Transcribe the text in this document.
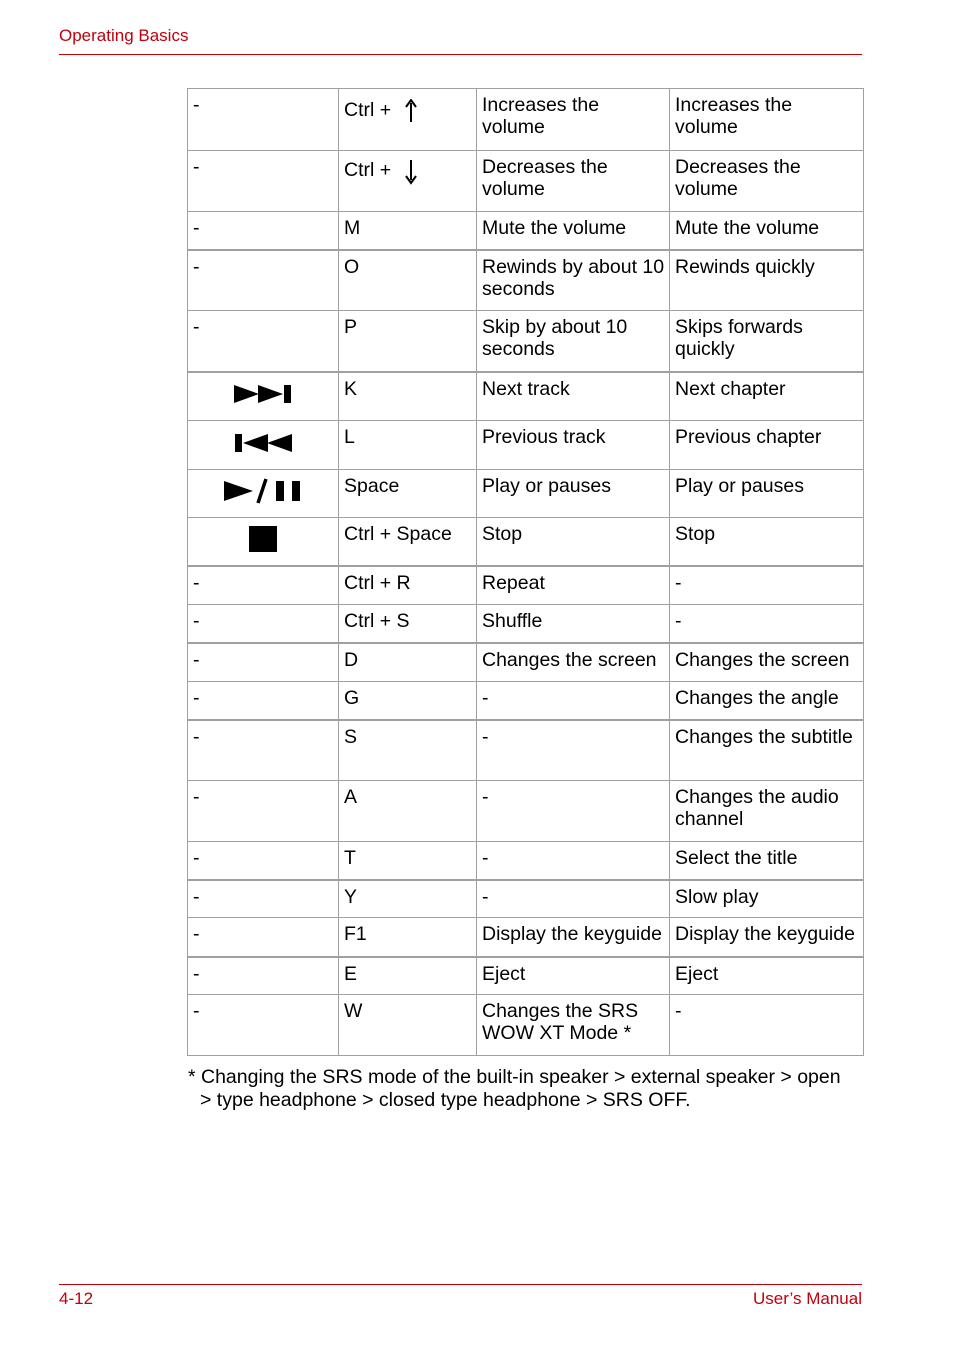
Operating Basics
-	Ctrl +	Increases the volume	Increases the volume
-	Ctrl +	Decreases the volume	Decreases the volume
-	M	Mute the volume	Mute the volume
-	O	Rewinds by about 10 seconds	Rewinds quickly
-	P	Skip by about 10 seconds	Skips forwards quickly
	K	Next track	Next chapter
	L	Previous track	Previous chapter
	Space	Play or pauses	Play or pauses
	Ctrl + Space	Stop	Stop
-	Ctrl + R	Repeat	-
-	Ctrl + S	Shuffle	-
-	D	Changes the screen	Changes the screen
-	G	-	Changes the angle
-	S	-	Changes the subtitle
-	A	-	Changes the audio channel
-	T	-	Select the title
-	Y	-	Slow play
-	F1	Display the keyguide	Display the keyguide
-	E	Eject	Eject
-	W	Changes the SRS WOW XT Mode *	-
* Changing the SRS mode of the built-in speaker > external speaker > open
> type headphone > closed type headphone > SRS OFF.
4-12	User’s Manual
